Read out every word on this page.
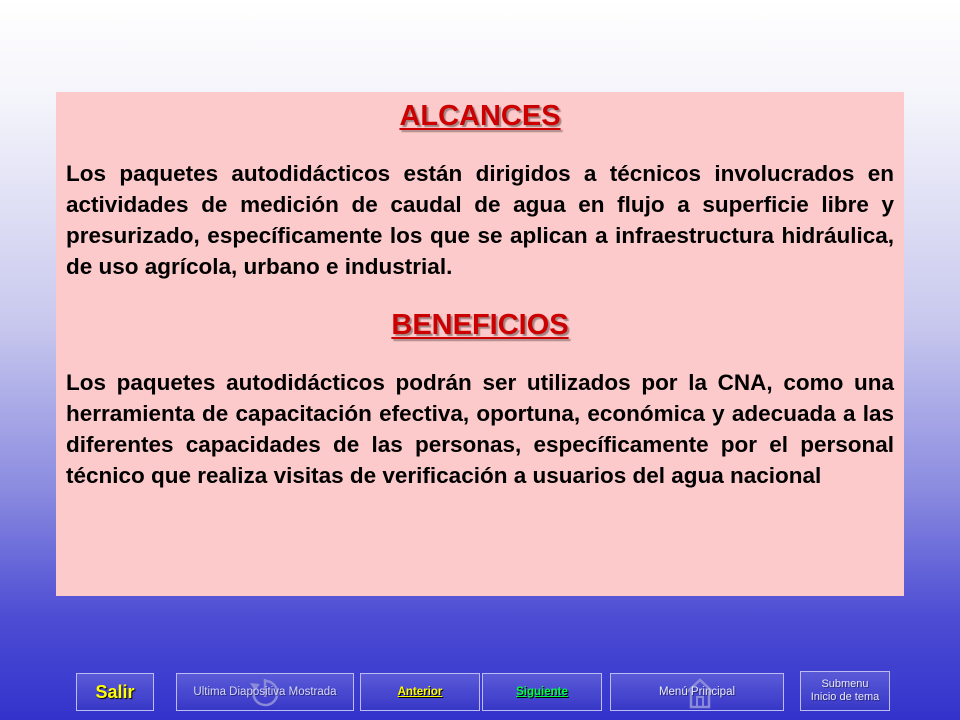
ALCANCES

Los paquetes autodidácticos están dirigidos a técnicos involucrados en actividades de medición de caudal de agua en flujo a superficie libre y presurizado, específicamente los que se aplican a infraestructura hidráulica, de uso agrícola, urbano e industrial.

BENEFICIOS

Los paquetes autodidácticos podrán ser utilizados por la CNA, como una herramienta de capacitación efectiva, oportuna, económica y adecuada a las diferentes capacidades de las personas, específicamente por el personal técnico que realiza visitas de verificación a usuarios del agua nacional

Salir	Ultima Diapositiva Mostrada	Anterior	Siguiente	Menú Principal
Submenu
Inicio de tema
